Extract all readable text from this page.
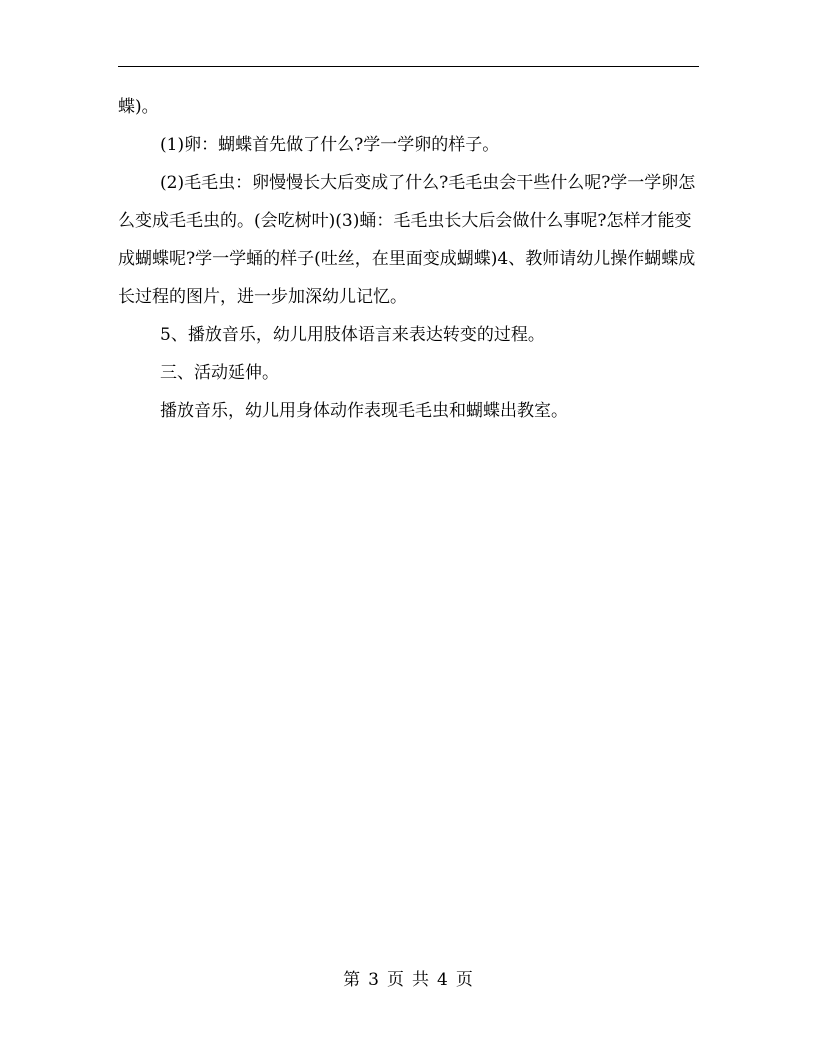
蝶)。

(1)卵：蝴蝶首先做了什么?学一学卵的样子。

(2)毛毛虫：卵慢慢长大后变成了什么?毛毛虫会干些什么呢?学一学卵怎么变成毛毛虫的。(会吃树叶)(3)蛹：毛毛虫长大后会做什么事呢?怎样才能变成蝴蝶呢?学一学蛹的样子(吐丝，在里面变成蝴蝶)4、教师请幼儿操作蝴蝶成长过程的图片，进一步加深幼儿记忆。

5、播放音乐，幼儿用肢体语言来表达转变的过程。

三、活动延伸。

播放音乐，幼儿用身体动作表现毛毛虫和蝴蝶出教室。

第 3 页 共 4 页
